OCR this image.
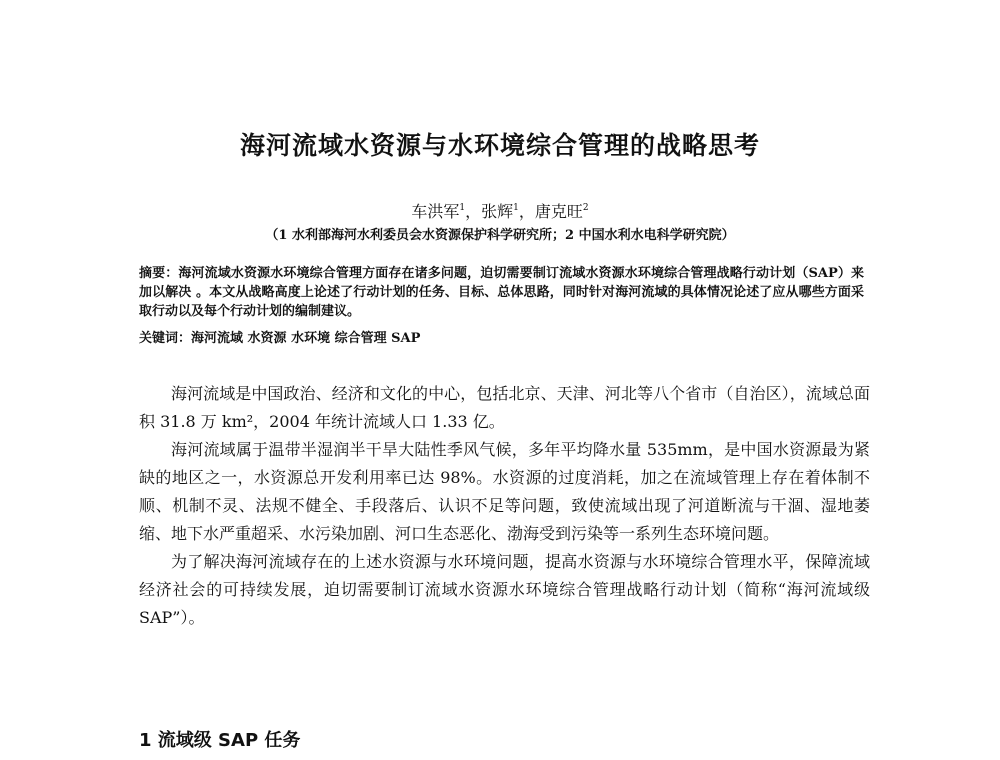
海河流域水资源与水环境综合管理的战略思考
车洪军$^1$，张辉$^1$，唐克旺$^2$
（1 水利部海河水利委员会水资源保护科学研究所；2 中国水利水电科学研究院）
摘要：海河流域水资源水环境综合管理方面存在诸多问题，迫切需要制订流域水资源水环境综合管理战略行动计划（SAP）来加以解决 。本文从战略高度上论述了行动计划的任务、目标、总体思路，同时针对海河流域的具体情况论述了应从哪些方面采取行动以及每个行动计划的编制建议。
关键词：海河流域 水资源 水环境 综合管理 SAP

海河流域是中国政治、经济和文化的中心，包括北京、天津、河北等八个省市（自治区），流域总面积 31.8 万 km²，2004 年统计流域人口 1.33 亿。

海河流域属于温带半湿润半干旱大陆性季风气候，多年平均降水量 535mm，是中国水资源最为紧缺的地区之一，水资源总开发利用率已达 98%。水资源的过度消耗，加之在流域管理上存在着体制不顺、机制不灵、法规不健全、手段落后、认识不足等问题，致使流域出现了河道断流与干涸、湿地萎缩、地下水严重超采、水污染加剧、河口生态恶化、渤海受到污染等一系列生态环境问题。

为了解决海河流域存在的上述水资源与水环境问题，提高水资源与水环境综合管理水平，保障流域经济社会的可持续发展，迫切需要制订流域水资源水环境综合管理战略行动计划（简称“海河流域级 SAP”）。

1 流域级 SAP 任务
